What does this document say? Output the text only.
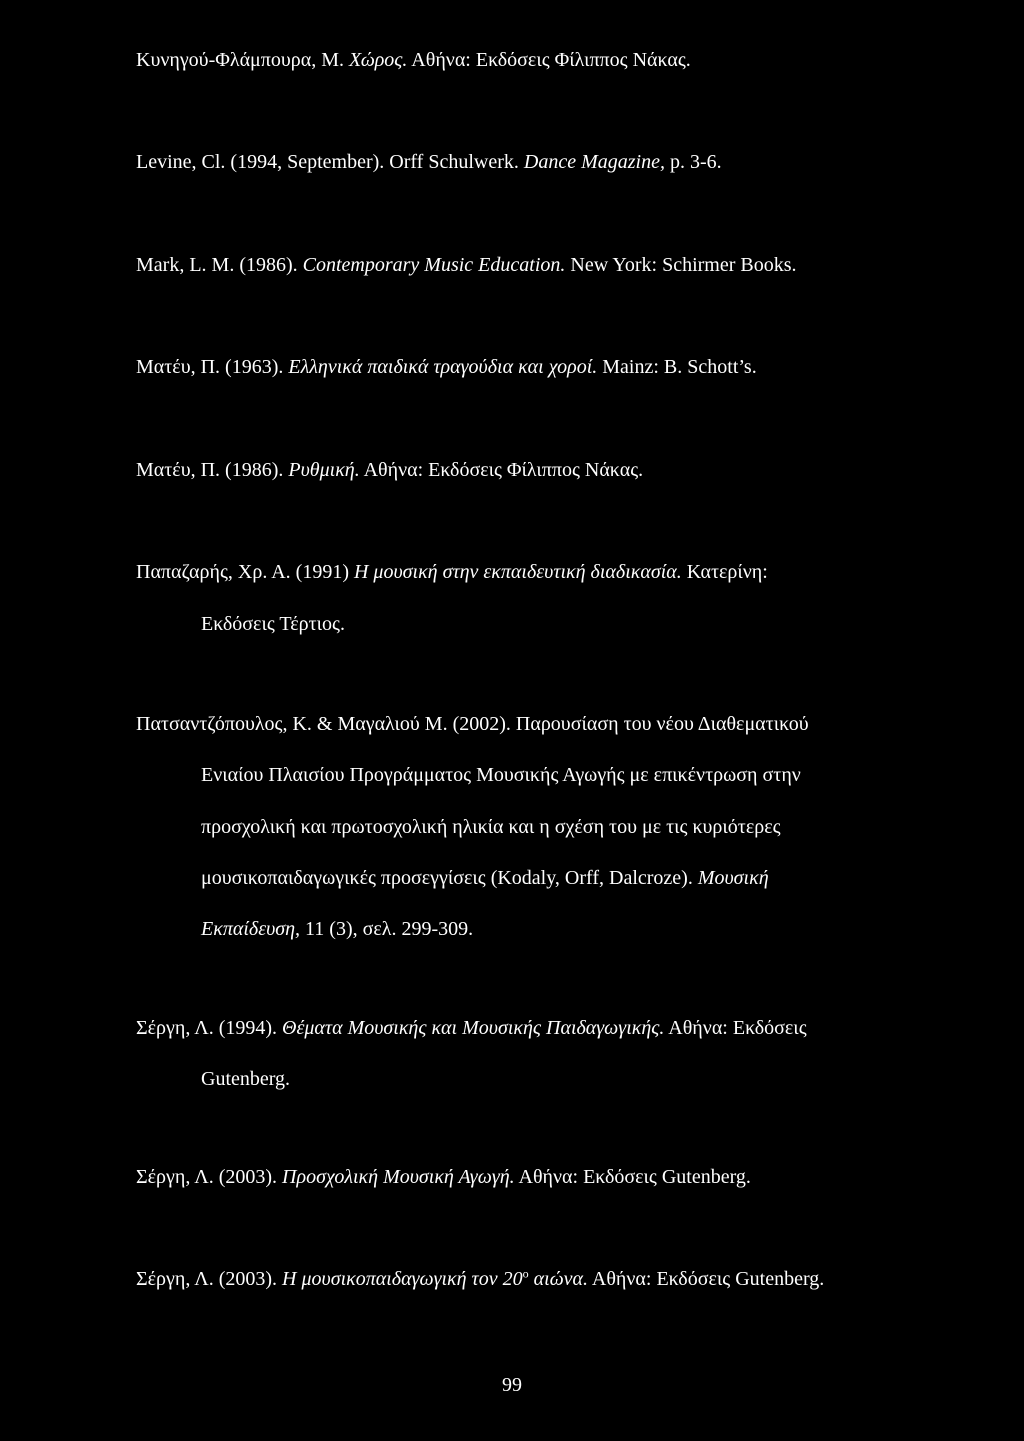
Κυνηγού-Φλάμπουρα, Μ. Χώρος. Αθήνα: Εκδόσεις Φίλιππος Νάκας.
Levine, Cl. (1994, September). Orff Schulwerk. Dance Magazine, p. 3-6.
Mark, L. M. (1986). Contemporary Music Education. New York: Schirmer Books.
Ματέυ, Π. (1963). Ελληνικά παιδικά τραγούδια και χοροί. Mainz: B. Schott’s.
Ματέυ, Π. (1986). Ρυθμική. Αθήνα: Εκδόσεις Φίλιππος Νάκας.
Παπαζαρής, Χρ. Α. (1991) Η μουσική στην εκπαιδευτική διαδικασία. Κατερίνη:
Εκδόσεις Τέρτιος.
Πατσαντζόπουλος, Κ. & Μαγαλιού Μ. (2002). Παρουσίαση του νέου Διαθεματικού
Ενιαίου Πλαισίου Προγράμματος Μουσικής Αγωγής με επικέντρωση στην
προσχολική και πρωτοσχολική ηλικία και η σχέση του με τις κυριότερες
μουσικοπαιδαγωγικές προσεγγίσεις (Kodaly, Orff, Dalcroze). Μουσική
Εκπαίδευση, 11 (3), σελ. 299-309.
Σέργη, Λ. (1994). Θέματα Μουσικής και Μουσικής Παιδαγωγικής. Αθήνα: Εκδόσεις
Gutenberg.
Σέργη, Λ. (2003). Προσχολική Μουσική Αγωγή. Αθήνα: Εκδόσεις Gutenberg.
Σέργη, Λ. (2003). Η μουσικοπαιδαγωγική τον $20^o$ αιώνα. Αθήνα: Εκδόσεις Gutenberg.
99
